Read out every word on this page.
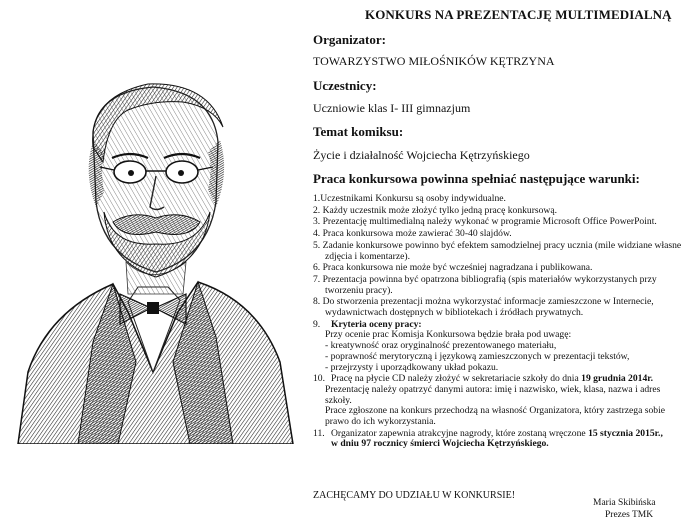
KONKURS NA PREZENTACJĘ MULTIMEDIALNĄ
Organizator:
TOWARZYSTWO MIŁOŚNIKÓW KĘTRZYNA
Uczestnicy:
Uczniowie klas I- III gimnazjum
Temat komiksu:
Życie i działalność Wojciecha Kętrzyńskiego
Praca konkursowa powinna spełniać następujące warunki:
1.Uczestnikami Konkursu są osoby indywidualne.
2. Każdy uczestnik może złożyć tylko jedną pracę konkursową.
3. Prezentację multimedialną należy wykonać w programie Microsoft Office PowerPoint.
4. Praca konkursowa może zawierać 30-40 slajdów.
5. Zadanie konkursowe powinno być efektem samodzielnej pracy ucznia (mile widziane własne
zdjęcia i komentarze).
6. Praca konkursowa nie może być wcześniej nagradzana i publikowana.
7. Prezentacja powinna być opatrzona bibliografią (spis materiałów wykorzystanych przy
tworzeniu pracy).
8. Do stworzenia prezentacji można wykorzystać informacje zamieszczone w Internecie,
wydawnictwach dostępnych w bibliotekach i źródłach prywatnych.
9. Kryteria oceny pracy:
Przy ocenie prac Komisja Konkursowa będzie brała pod uwagę:
- kreatywność oraz oryginalność prezentowanego materiału,
- poprawność merytoryczną i językową zamieszczonych w prezentacji tekstów,
- przejrzysty i uporządkowany układ pokazu.
10. Pracę na płycie CD należy złożyć w sekretariacie szkoły do dnia 19 grudnia 2014r.
Prezentację należy opatrzyć danymi autora: imię i nazwisko, wiek, klasa, nazwa i adres
szkoły.
Prace zgłoszone na konkurs przechodzą na własność Organizatora, który zastrzega sobie
prawo do ich wykorzystania.
11. Organizator zapewnia atrakcyjne nagrody, które zostaną wręczone 15 stycznia 2015r.,
w dniu 97 rocznicy śmierci Wojciecha Kętrzyńskiego.
ZACHĘCAMY DO UDZIAŁU W KONKURSIE!
Maria Skibińska
Prezes TMK
